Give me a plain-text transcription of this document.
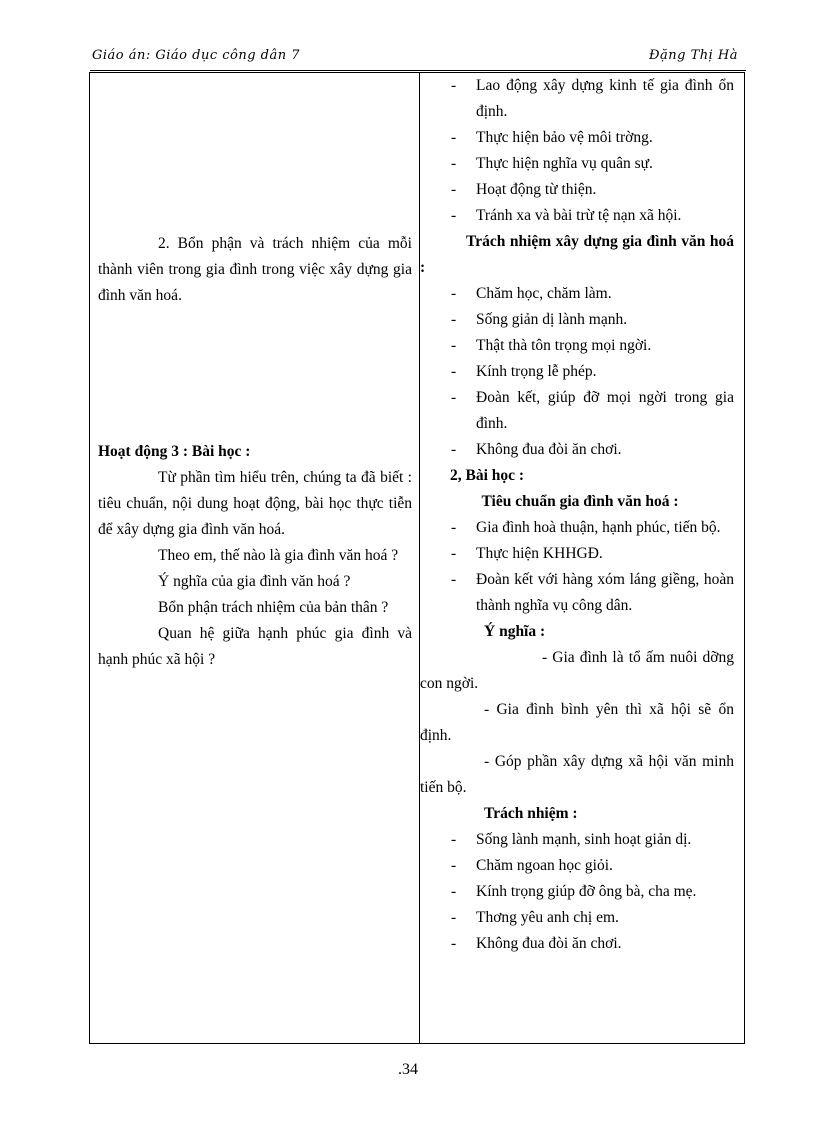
Giáo án: Giáo dục công dân 7	Đặng Thị Hà

2. Bổn phận và trách nhiệm của mỗi thành viên trong gia đình trong việc xây dựng gia đình văn hoá.

Hoạt động 3 : Bài học :

Từ phần tìm hiểu trên, chúng ta đã biết : tiêu chuẩn, nội dung hoạt động, bài học thực tiễn để xây dựng gia đình văn hoá.

Theo em, thế nào là gia đình văn hoá ?

Ý nghĩa của gia đình văn hoá ?

Bổn phận trách nhiệm của bản thân ?

Quan hệ giữa hạnh phúc gia đình và hạnh phúc xã hội ?

- Lao động xây dựng kinh tế gia đình ổn định.
- Thực hiện bảo vệ môi trờng.
- Thực hiện nghĩa vụ quân sự.
- Hoạt động từ thiện.
- Tránh xa và bài trừ tệ nạn xã hội.

Trách nhiệm xây dựng gia đình văn hoá :

- Chăm học, chăm làm.
- Sống giản dị lành mạnh.
- Thật thà tôn trọng mọi ngời.
- Kính trọng lễ phép.
- Đoàn kết, giúp đỡ mọi ngời trong gia đình.
- Không đua đòi ăn chơi.

2, Bài học :

Tiêu chuẩn gia đình văn hoá :

- Gia đình hoà thuận, hạnh phúc, tiến bộ.
- Thực hiện KHHGĐ.
- Đoàn kết với hàng xóm láng giềng, hoàn thành nghĩa vụ công dân.

Ý nghĩa :

- Gia đình là tổ ấm nuôi dỡng con ngời.

- Gia đình bình yên thì xã hội sẽ ổn định.

- Góp phần xây dựng xã hội văn minh tiến bộ.

Trách nhiệm :

- Sống lành mạnh, sinh hoạt giản dị.
- Chăm ngoan học giỏi.
- Kính trọng giúp đỡ ông bà, cha mẹ.
- Thơng yêu anh chị em.
- Không đua đòi ăn chơi.
.34
